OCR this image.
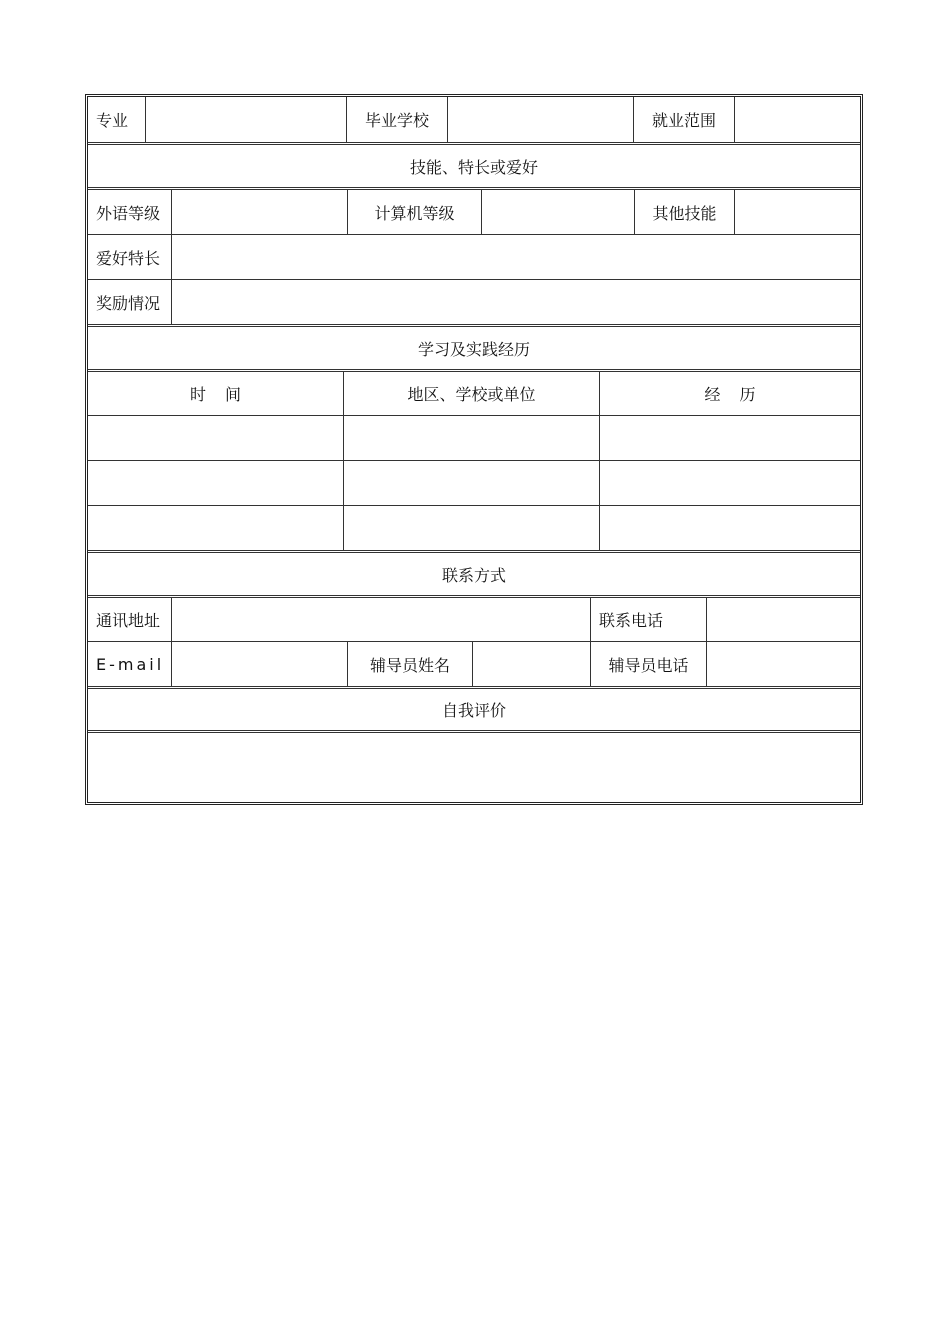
专业	毕业学校	就业范围
技能、特长或爱好
外语等级	计算机等级	其他技能
爱好特长
奖励情况
学习及实践经历
时 间	地区、学校或单位	经 历
联系方式
通讯地址	联系电话
E-mail	辅导员姓名	辅导员电话
自我评价
